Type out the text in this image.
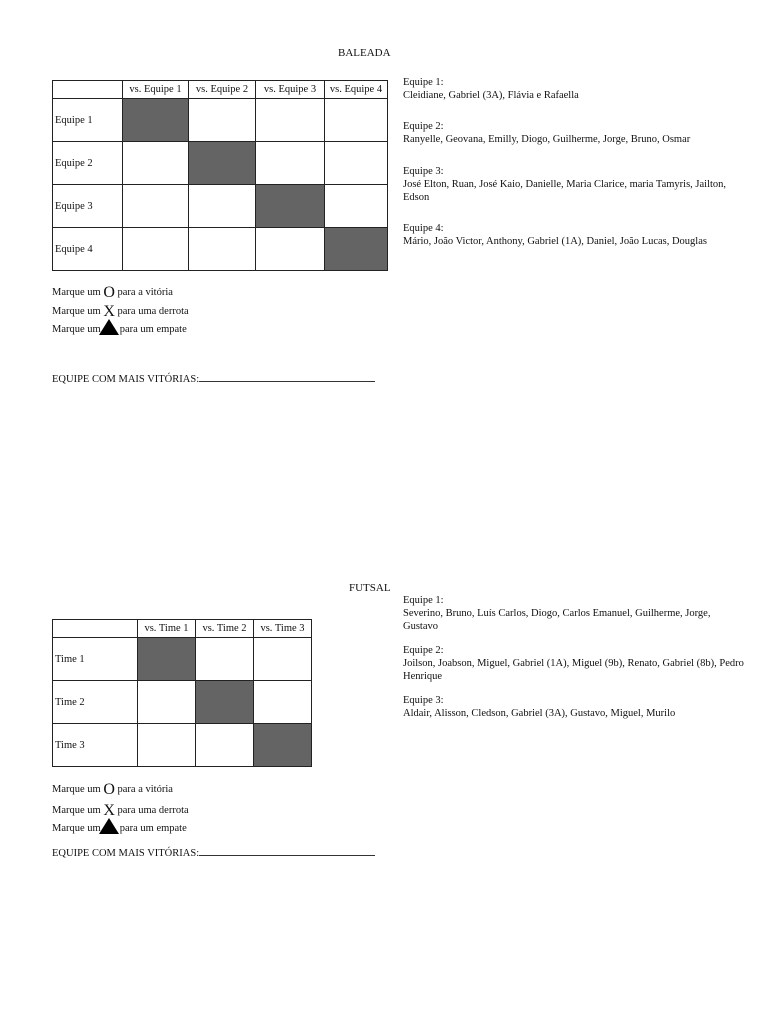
BALEADA
	vs. Equipe 1	vs. Equipe 2	vs. Equipe 3	vs. Equipe 4
Equipe 1				
Equipe 2				
Equipe 3				
Equipe 4				
Equipe 1:
Cleidiane, Gabriel (3A), Flávia e Rafaella
Equipe 2:
Ranyelle, Geovana, Emilly, Diogo, Guilherme, Jorge, Bruno, Osmar
Equipe 3:
José Elton, Ruan, José Kaio, Danielle, Maria Clarice, maria Tamyris, Jailton, Edson
Equipe 4:
Mário, João Victor, Anthony, Gabriel (1A), Daniel, João Lucas, Douglas
Marque um O para a vitória
Marque um X para uma derrota
Marque um para um empate
EQUIPE COM MAIS VITÓRIAS:
FUTSAL
	vs. Time 1	vs. Time 2	vs. Time 3
Time 1			
Time 2			
Time 3			
Equipe 1:
Severino, Bruno, Luís Carlos, Diogo, Carlos Emanuel, Guilherme, Jorge, Gustavo
Equipe 2:
Joilson, Joabson, Miguel, Gabriel (1A), Miguel (9b), Renato, Gabriel (8b), Pedro Henrique
Equipe 3:
Aldair, Alisson, Cledson, Gabriel (3A), Gustavo, Miguel, Murilo
Marque um O para a vitória
Marque um X para uma derrota
Marque um para um empate
EQUIPE COM MAIS VITÓRIAS:
